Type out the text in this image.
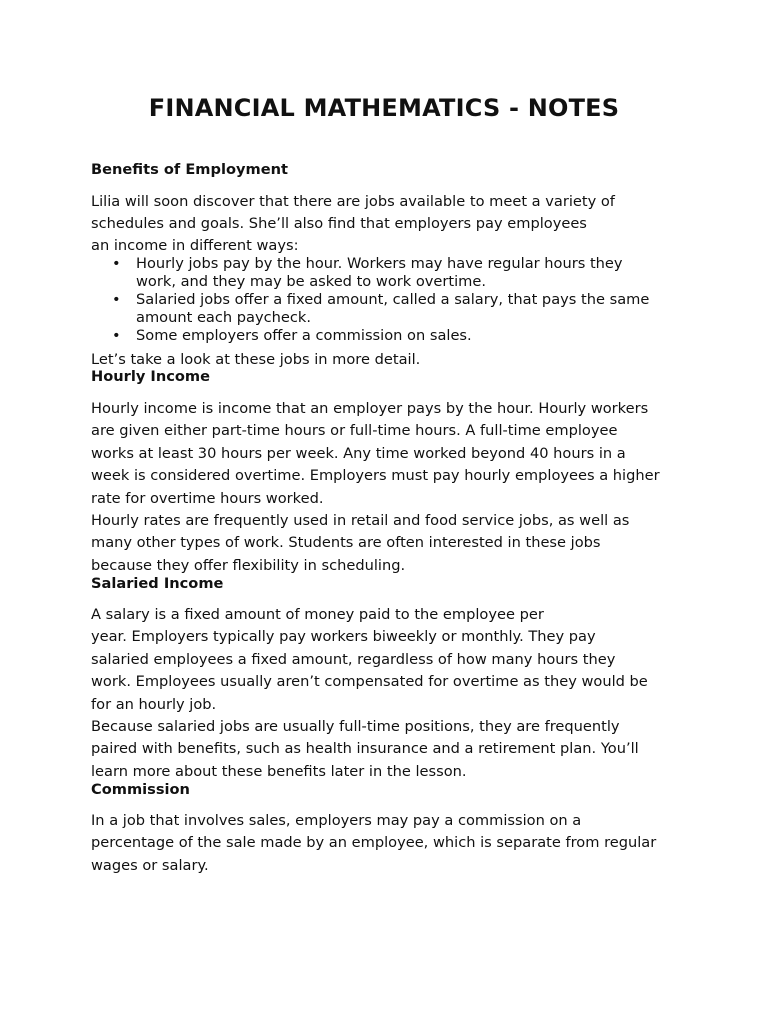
FINANCIAL MATHEMATICS - NOTES
Benefits of Employment

Lilia will soon discover that there are jobs available to meet a variety of
schedules and goals. She’ll also find that employers pay employees
an income in different ways:

• Hourly jobs pay by the hour. Workers may have regular hours they
work, and they may be asked to work overtime.
• Salaried jobs offer a fixed amount, called a salary, that pays the same
amount each paycheck.
• Some employers offer a commission on sales.

Let’s take a look at these jobs in more detail.

Hourly Income

Hourly income is income that an employer pays by the hour. Hourly workers
are given either part-time hours or full-time hours. A full-time employee
works at least 30 hours per week. Any time worked beyond 40 hours in a
week is considered overtime. Employers must pay hourly employees a higher
rate for overtime hours worked.
Hourly rates are frequently used in retail and food service jobs, as well as
many other types of work. Students are often interested in these jobs
because they offer flexibility in scheduling.

Salaried Income

A salary is a fixed amount of money paid to the employee per
year. Employers typically pay workers biweekly or monthly. They pay
salaried employees a fixed amount, regardless of how many hours they
work. Employees usually aren’t compensated for overtime as they would be
for an hourly job.
Because salaried jobs are usually full-time positions, they are frequently
paired with benefits, such as health insurance and a retirement plan. You’ll
learn more about these benefits later in the lesson.

Commission

In a job that involves sales, employers may pay a commission on a
percentage of the sale made by an employee, which is separate from regular
wages or salary.
